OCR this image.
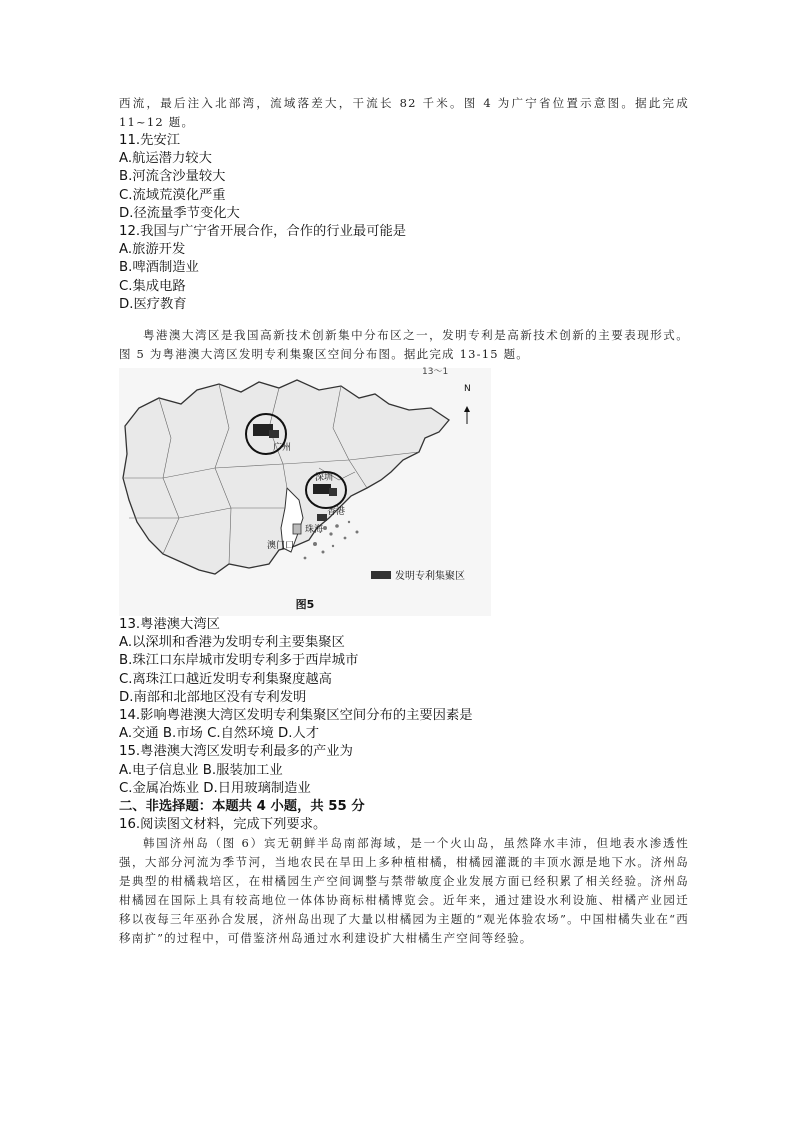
西流，最后注入北部湾，流域落差大，干流长 82 千米。图 4 为广宁省位置示意图。据此完成 11~12 题。

11.先安江
A.航运潜力较大
B.河流含沙量较大
C.流域荒漠化严重
D.径流量季节变化大
12.我国与广宁省开展合作，合作的行业最可能是
A.旅游开发
B.啤酒制造业
C.集成电路
D.医疗教育

粤港澳大湾区是我国高新技术创新集中分布区之一，发明专利是高新技术创新的主要表现形式。图 5 为粤港澳大湾区发明专利集聚区空间分布图。据此完成 13-15 题。

13～1
N
广州
深圳
香港
珠海
澳门口
发明专利集聚区
图5
13.粤港澳大湾区
A.以深圳和香港为发明专利主要集聚区
B.珠江口东岸城市发明专利多于西岸城市
C.离珠江口越近发明专利集聚度越高
D.南部和北部地区没有专利发明
14.影响粤港澳大湾区发明专利集聚区空间分布的主要因素是
A.交通 B.市场 C.自然环境 D.人才
15.粤港澳大湾区发明专利最多的产业为
A.电子信息业 B.服装加工业
C.金属冶炼业 D.日用玻璃制造业
二、非选择题：本题共 4 小题，共 55 分
16.阅读图文材料，完成下列要求。

韩国济州岛（图 6）宾无朝鲜半岛南部海域，是一个火山岛，虽然降水丰沛，但地表水渗透性强，大部分河流为季节河，当地农民在旱田上多种植柑橘，柑橘园灌溉的丰顶水源是地下水。济州岛是典型的柑橘栽培区，在柑橘园生产空间调整与禁带敏度企业发展方面已经积累了相关经验。济州岛柑橘园在国际上具有较高地位一体体协商标柑橘博览会。近年来，通过建设水利设施、柑橘产业园迁移以夜每三年巫孙合发展，济州岛出现了大量以柑橘园为主题的“观光体验农场”。中国柑橘失业在“西移南扩”的过程中，可借鉴济州岛通过水利建设扩大柑橘生产空间等经验。
